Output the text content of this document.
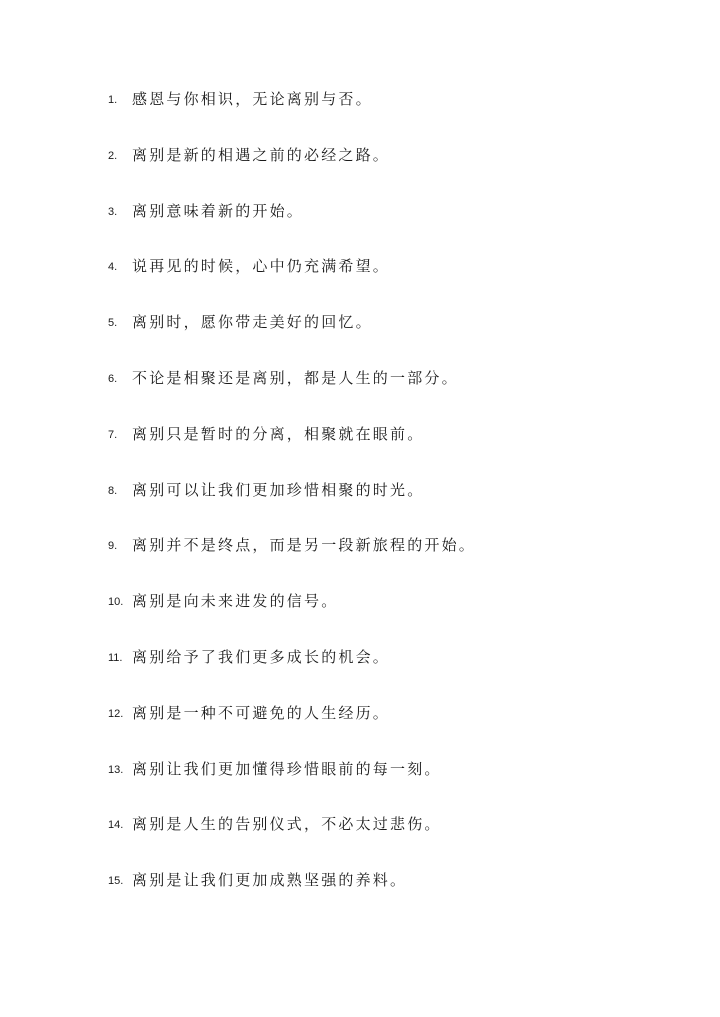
1. 感恩与你相识，无论离别与否。
2. 离别是新的相遇之前的必经之路。
3. 离别意味着新的开始。
4. 说再见的时候，心中仍充满希望。
5. 离别时，愿你带走美好的回忆。
6. 不论是相聚还是离别，都是人生的一部分。
7. 离别只是暂时的分离，相聚就在眼前。
8. 离别可以让我们更加珍惜相聚的时光。
9. 离别并不是终点，而是另一段新旅程的开始。
10. 离别是向未来进发的信号。
11. 离别给予了我们更多成长的机会。
12. 离别是一种不可避免的人生经历。
13. 离别让我们更加懂得珍惜眼前的每一刻。
14. 离别是人生的告别仪式，不必太过悲伤。
15. 离别是让我们更加成熟坚强的养料。
